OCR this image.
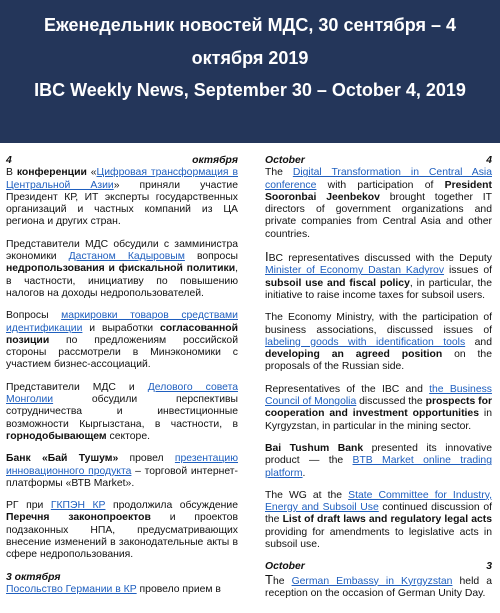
Еженедельник новостей МДС, 30 сентября – 4
октября 2019
IBC Weekly News, September 30 – October 4, 2019
4	октября

В конференции «Цифровая трансформация в Центральной Азии» приняли участие Президент КР, ИТ эксперты государственных организаций и частных компаний из ЦА региона и других стран.

Представители МДС обсудили с замминистра экономики Дастаном Кадыровым вопросы недропользования и фискальной политики, в частности, инициативу по повышению налогов на доходы недропользователей.

Вопросы маркировки товаров средствами идентификации и выработки согласованной позиции по предложениям российской стороны рассмотрели в Минэкономики с участием бизнес-ассоциаций.

Представители МДС и Делового совета Монголии обсудили перспективы сотрудничества и инвестиционные возможности Кыргызстана, в частности, в горнодобывающем секторе.

Банк «Бай Тушум» провел презентацию инновационного продукта – торговой интернет-платформы «ВТВ Market».

РГ при ГКПЭН КР продолжила обсуждение Перечня законопроектов и проектов подзаконных НПА, предусматривающих внесение изменений в законодательные акты в сфере недропользования.

3 октября

Посольство Германии в КР провело прием в

October	4

The Digital Transformation in Central Asia conference with participation of President Sooronbai Jeenbekov brought together IT directors of government organizations and private companies from Central Asia and other countries.

IBC representatives discussed with the Deputy Minister of Economy Dastan Kadyrov issues of subsoil use and fiscal policy, in particular, the initiative to raise income taxes for subsoil users.

The Economy Ministry, with the participation of business associations, discussed issues of labeling goods with identification tools and developing an agreed position on the proposals of the Russian side.

Representatives of the IBC and the Business Council of Mongolia discussed the prospects for cooperation and investment opportunities in Kyrgyzstan, in particular in the mining sector.

Bai Tushum Bank presented its innovative product — the BTB Market online trading platform.

The WG at the State Committee for Industry, Energy and Subsoil Use continued discussion of the List of draft laws and regulatory legal acts providing for amendments to legislative acts in subsoil use.

October	3

The German Embassy in Kyrgyzstan held a reception on the occasion of German Unity Day.
